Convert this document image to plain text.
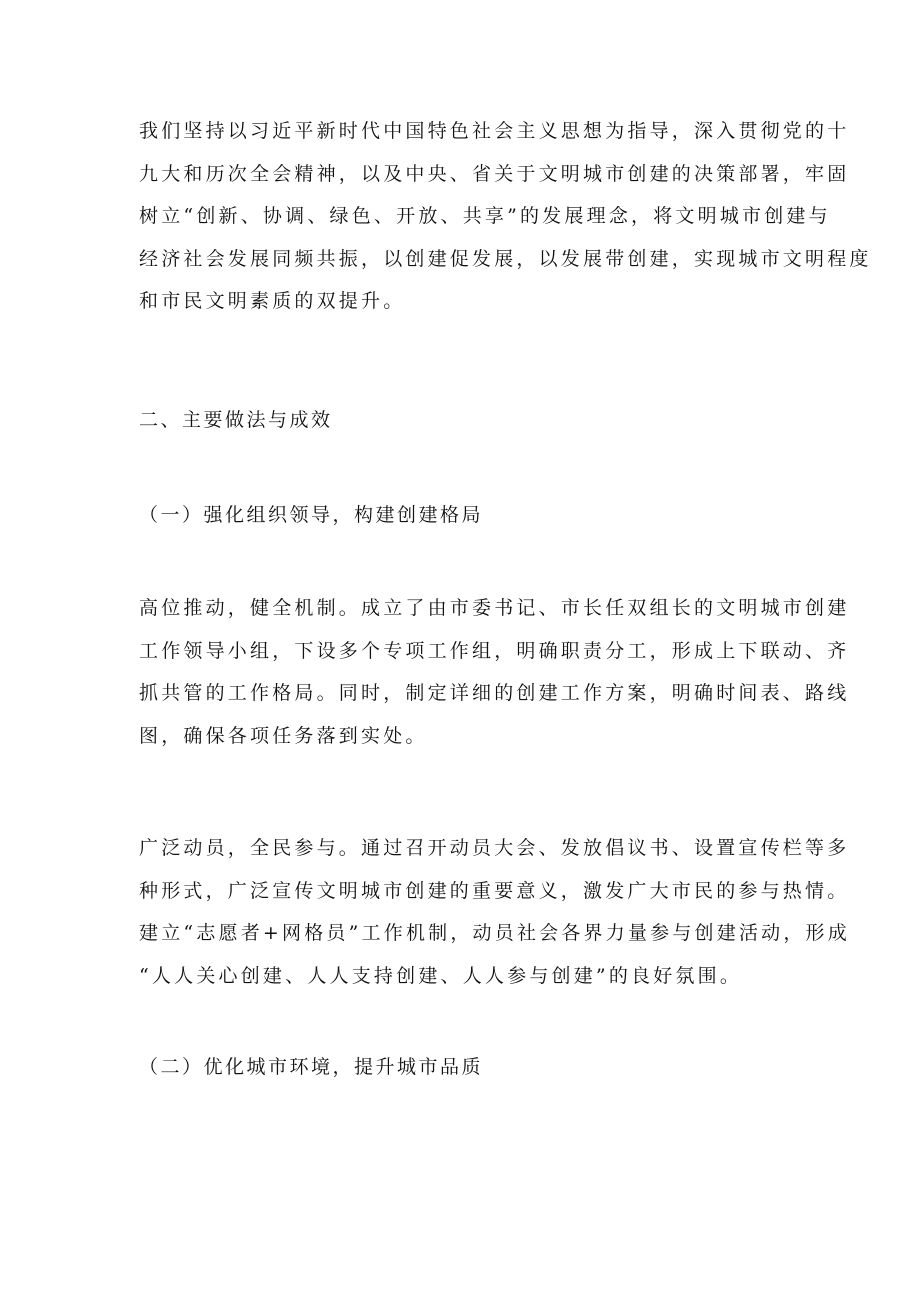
我们坚持以习近平新时代中国特色社会主义思想为指导，深入贯彻党的十
九大和历次全会精神，以及中央、省关于文明城市创建的决策部署，牢固
树立“创新、协调、绿色、开放、共享”的发展理念，将文明城市创建与
经济社会发展同频共振，以创建促发展，以发展带创建，实现城市文明程度
和市民文明素质的双提升。
二、主要做法与成效
（一）强化组织领导，构建创建格局
高位推动，健全机制。成立了由市委书记、市长任双组长的文明城市创建
工作领导小组，下设多个专项工作组，明确职责分工，形成上下联动、齐
抓共管的工作格局。同时，制定详细的创建工作方案，明确时间表、路线
图，确保各项任务落到实处。
广泛动员，全民参与。通过召开动员大会、发放倡议书、设置宣传栏等多
种形式，广泛宣传文明城市创建的重要意义，激发广大市民的参与热情。
建立“志愿者+网格员”工作机制，动员社会各界力量参与创建活动，形成
“人人关心创建、人人支持创建、人人参与创建”的良好氛围。
（二）优化城市环境，提升城市品质
